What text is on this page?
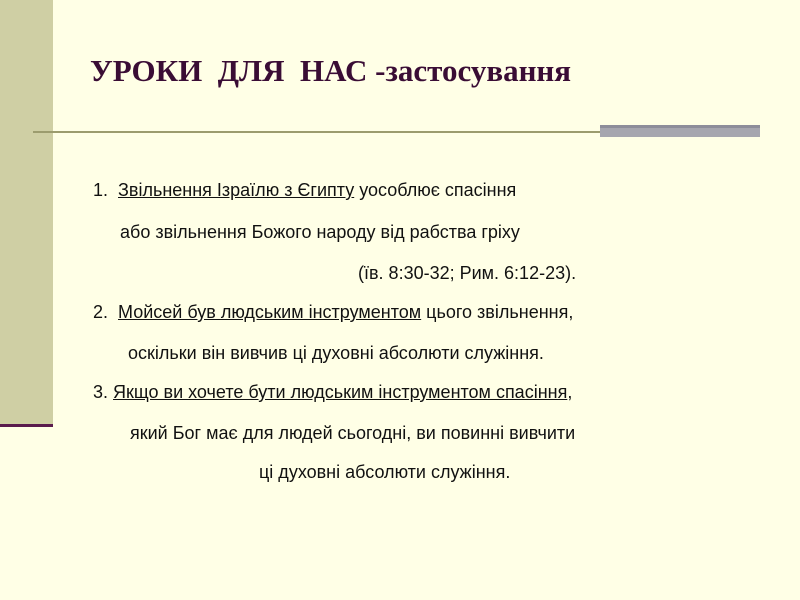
УРОКИ  ДЛЯ  НАС -застосування
1.  Звільнення Ізраїлю з Єгипту уособлює спасіння
або звільнення Божого народу від рабства гріху
(їв. 8:30-32; Рим. 6:12-23).
2.  Мойсей був людським інструментом цього звільнення,
оскільки він вивчив ці духовні абсолюти служіння.
3. Якщо ви хочете бути людським інструментом спасіння,
який Бог має для людей сьогодні, ви повинні вивчити
ці духовні абсолюти служіння.
